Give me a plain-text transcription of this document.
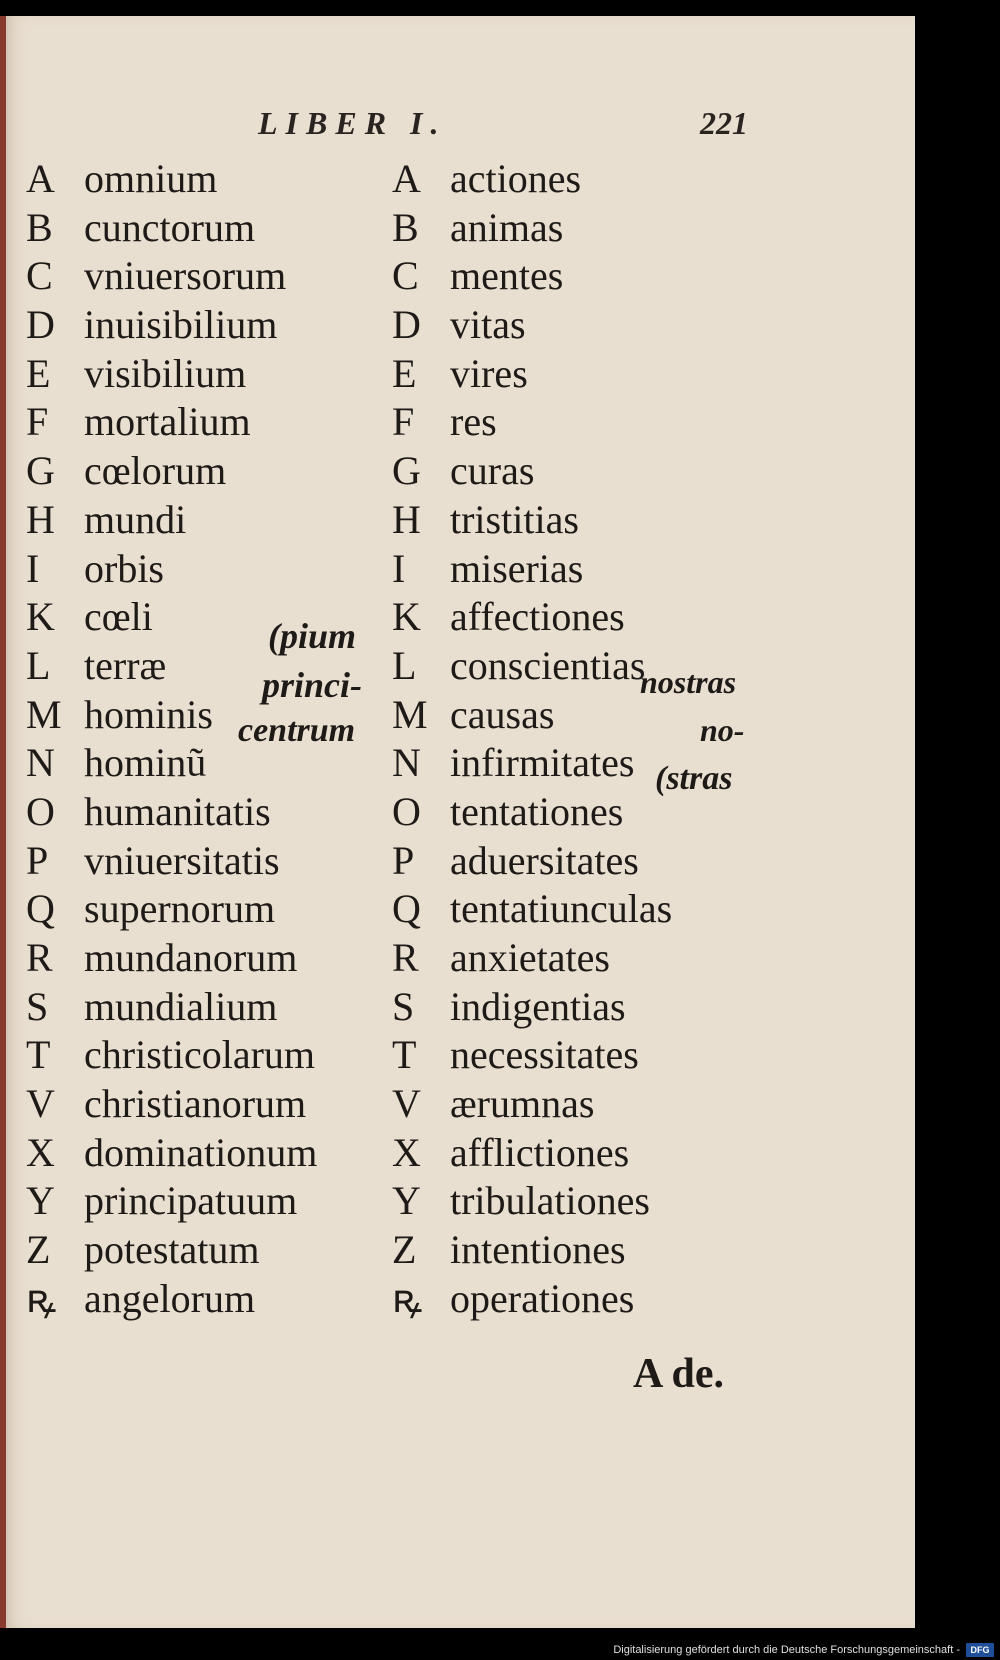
LIBER I.	221
A omnium
B cunctorum
C vniuersorum
D inuisibilium
E visibilium
F mortalium
G cœlorum
H mundi
I orbis
K cœli
L terræ
M hominis
N hominũ
O humanitatis
P vniuersitatis
Q supernorum
R mundanorum
S mundialium
T christicolarum
V christianorum
X dominationum
Y principatuum
Z potestatum
ꝶ angelorum
A actiones
B animas
C mentes
D vitas
E vires
F res
G curas
H tristitias
I miserias
K affectiones
L conscientias
M causas
N infirmitates
O tentationes
P aduersitates
Q tentatiunculas
R anxietates
S indigentias
T necessitates
V ærumnas
X afflictiones
Y tribulationes
Z intentiones
ꝶ operationes
(pium
princi-
centrum
nostras
no-
(stras
A de.
Digitalisierung gefördert durch die Deutsche Forschungsgemeinschaft -	DFG
